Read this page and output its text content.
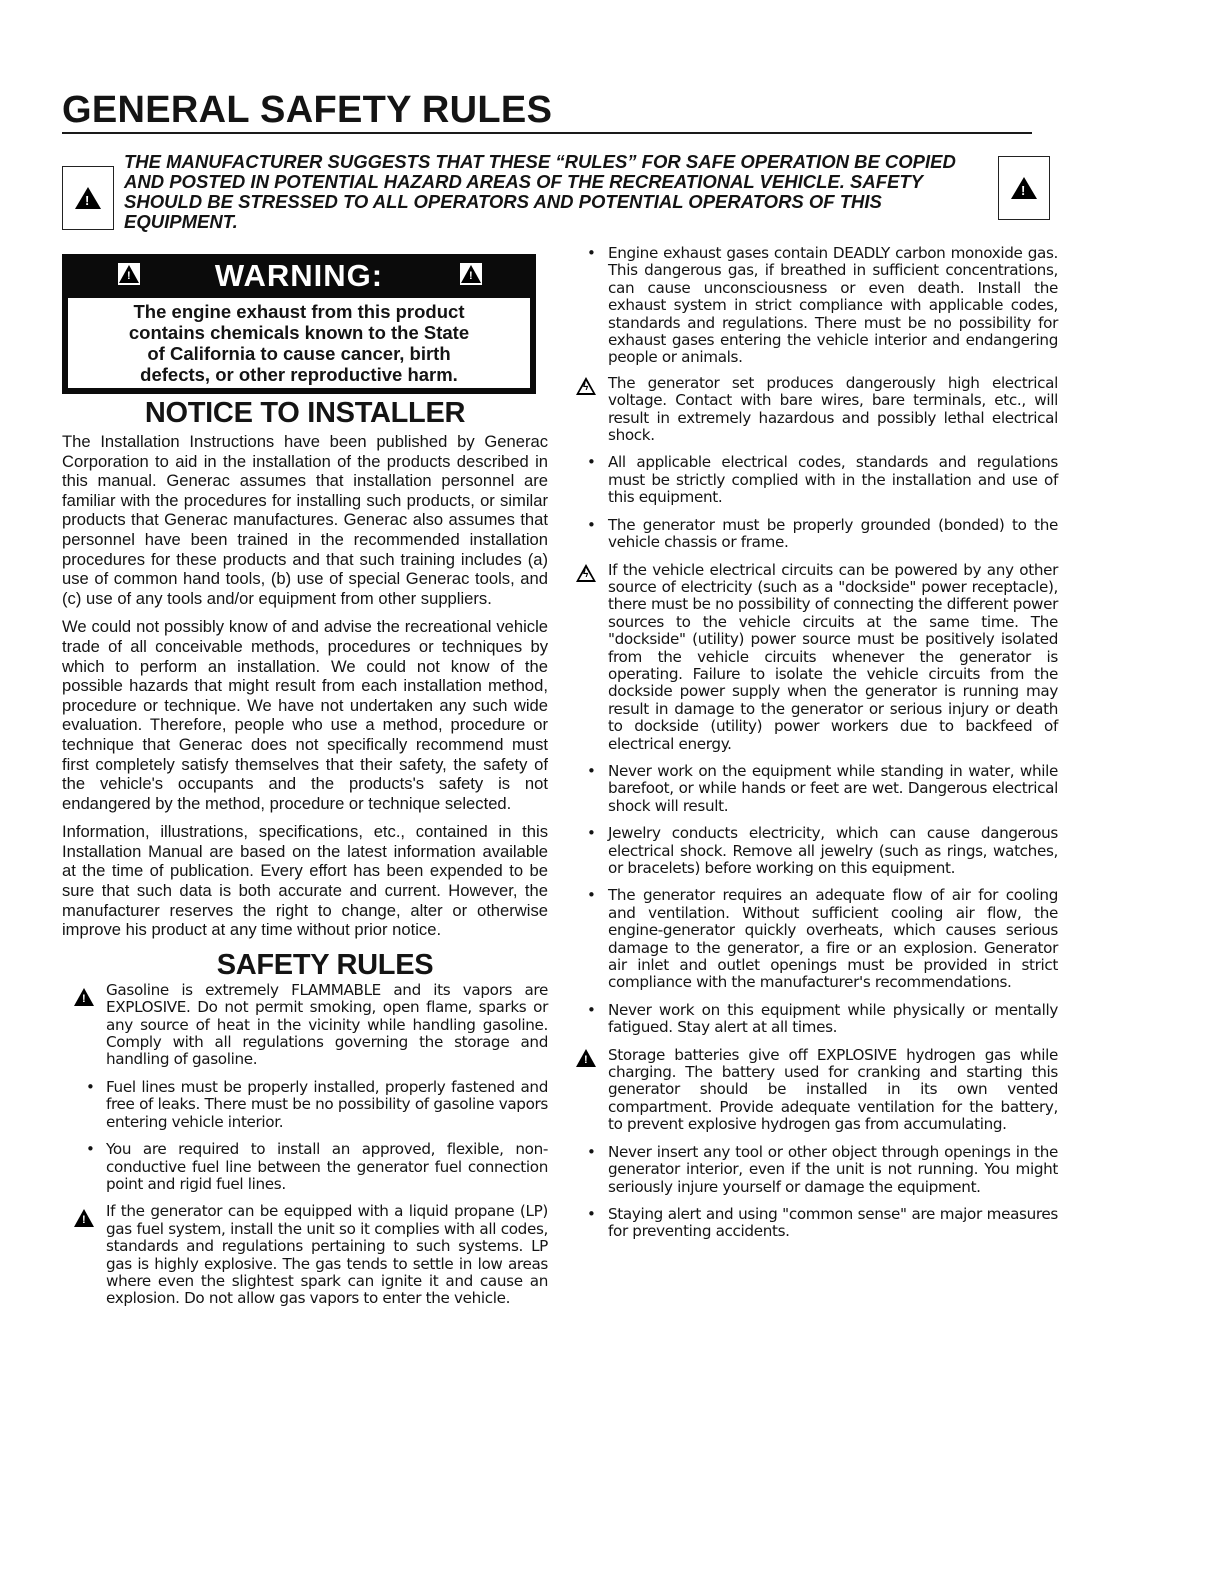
GENERAL SAFETY RULES
!

THE MANUFACTURER SUGGESTS THAT THESE “RULES” FOR SAFE OPERATION BE COPIED AND POSTED IN POTENTIAL HAZARD AREAS OF THE RECREATIONAL VEHICLE. SAFETY SHOULD BE STRESSED TO ALL OPERATORS AND POTENTIAL OPERATORS OF THIS EQUIPMENT.

!
!
WARNING:
!

The engine exhaust from this product contains chemicals known to the State of California to cause cancer, birth defects, or other reproductive harm.

NOTICE TO INSTALLER

The Installation Instructions have been published by Generac Corporation to aid in the installation of the products described in this manual. Generac assumes that installation personnel are familiar with the procedures for installing such products, or similar products that Generac manufactures. Generac also assumes that personnel have been trained in the recommended installation procedures for these products and that such training includes (a) use of common hand tools, (b) use of special Generac tools, and (c) use of any tools and/or equipment from other suppliers.

We could not possibly know of and advise the recreational vehicle trade of all conceivable methods, procedures or techniques by which to perform an installation. We could not know of the possible hazards that might result from each installation method, procedure or technique. We have not undertaken any such wide evaluation. Therefore, people who use a method, procedure or technique that Generac does not specifically recommend must first completely satisfy themselves that their safety, the safety of the vehicle's occupants and the products's safety is not endangered by the method, procedure or technique selected.

Information, illustrations, specifications, etc., contained in this Installation Manual are based on the latest information available at the time of publication. Every effort has been expended to be sure that such data is both accurate and current. However, the manufacturer reserves the right to change, alter or otherwise improve his product at any time without prior notice.

SAFETY RULES

!
Gasoline is extremely FLAMMABLE and its vapors are EXPLOSIVE. Do not permit smoking, open flame, sparks or any source of heat in the vicinity while handling gasoline. Comply with all regulations governing the storage and handling of gasoline.

• Fuel lines must be properly installed, properly fastened and free of leaks. There must be no possibility of gasoline vapors entering vehicle interior.

• You are required to install an approved, flexible, non-conductive fuel line between the generator fuel connection point and rigid fuel lines.

!
If the generator can be equipped with a liquid propane (LP) gas fuel system, install the unit so it complies with all codes, standards and regulations pertaining to such systems. LP gas is highly explosive. The gas tends to settle in low areas where even the slightest spark can ignite it and cause an explosion. Do not allow gas vapors to enter the vehicle.

• Engine exhaust gases contain DEADLY carbon monoxide gas. This dangerous gas, if breathed in sufficient concentrations, can cause unconsciousness or even death. Install the exhaust system in strict compliance with applicable codes, standards and regulations. There must be no possibility for exhaust gases entering the vehicle interior and endangering people or animals.

ϟ
The generator set produces dangerously high electrical voltage. Contact with bare wires, bare terminals, etc., will result in extremely hazardous and possibly lethal electrical shock.

• All applicable electrical codes, standards and regulations must be strictly complied with in the installation and use of this equipment.

• The generator must be properly grounded (bonded) to the vehicle chassis or frame.

ϟ
If the vehicle electrical circuits can be powered by any other source of electricity (such as a "dockside" power receptacle), there must be no possibility of connecting the different power sources to the vehicle circuits at the same time. The "dockside" (utility) power source must be positively isolated from the vehicle circuits whenever the generator is operating. Failure to isolate the vehicle circuits from the dockside power supply when the generator is running may result in damage to the generator or serious injury or death to dockside (utility) power workers due to backfeed of electrical energy.

• Never work on the equipment while standing in water, while barefoot, or while hands or feet are wet. Dangerous electrical shock will result.

• Jewelry conducts electricity, which can cause dangerous electrical shock. Remove all jewelry (such as rings, watches, or bracelets) before working on this equipment.

• The generator requires an adequate flow of air for cooling and ventilation. Without sufficient cooling air flow, the engine-generator quickly overheats, which causes serious damage to the generator, a fire or an explosion. Generator air inlet and outlet openings must be provided in strict compliance with the manufacturer's recommendations.

• Never work on this equipment while physically or mentally fatigued. Stay alert at all times.

!
Storage batteries give off EXPLOSIVE hydrogen gas while charging. The battery used for cranking and starting this generator should be installed in its own vented compartment. Provide adequate ventilation for the battery, to prevent explosive hydrogen gas from accumulating.

• Never insert any tool or other object through openings in the generator interior, even if the unit is not running. You might seriously injure yourself or damage the equipment.

• Staying alert and using "common sense" are major measures for preventing accidents.
